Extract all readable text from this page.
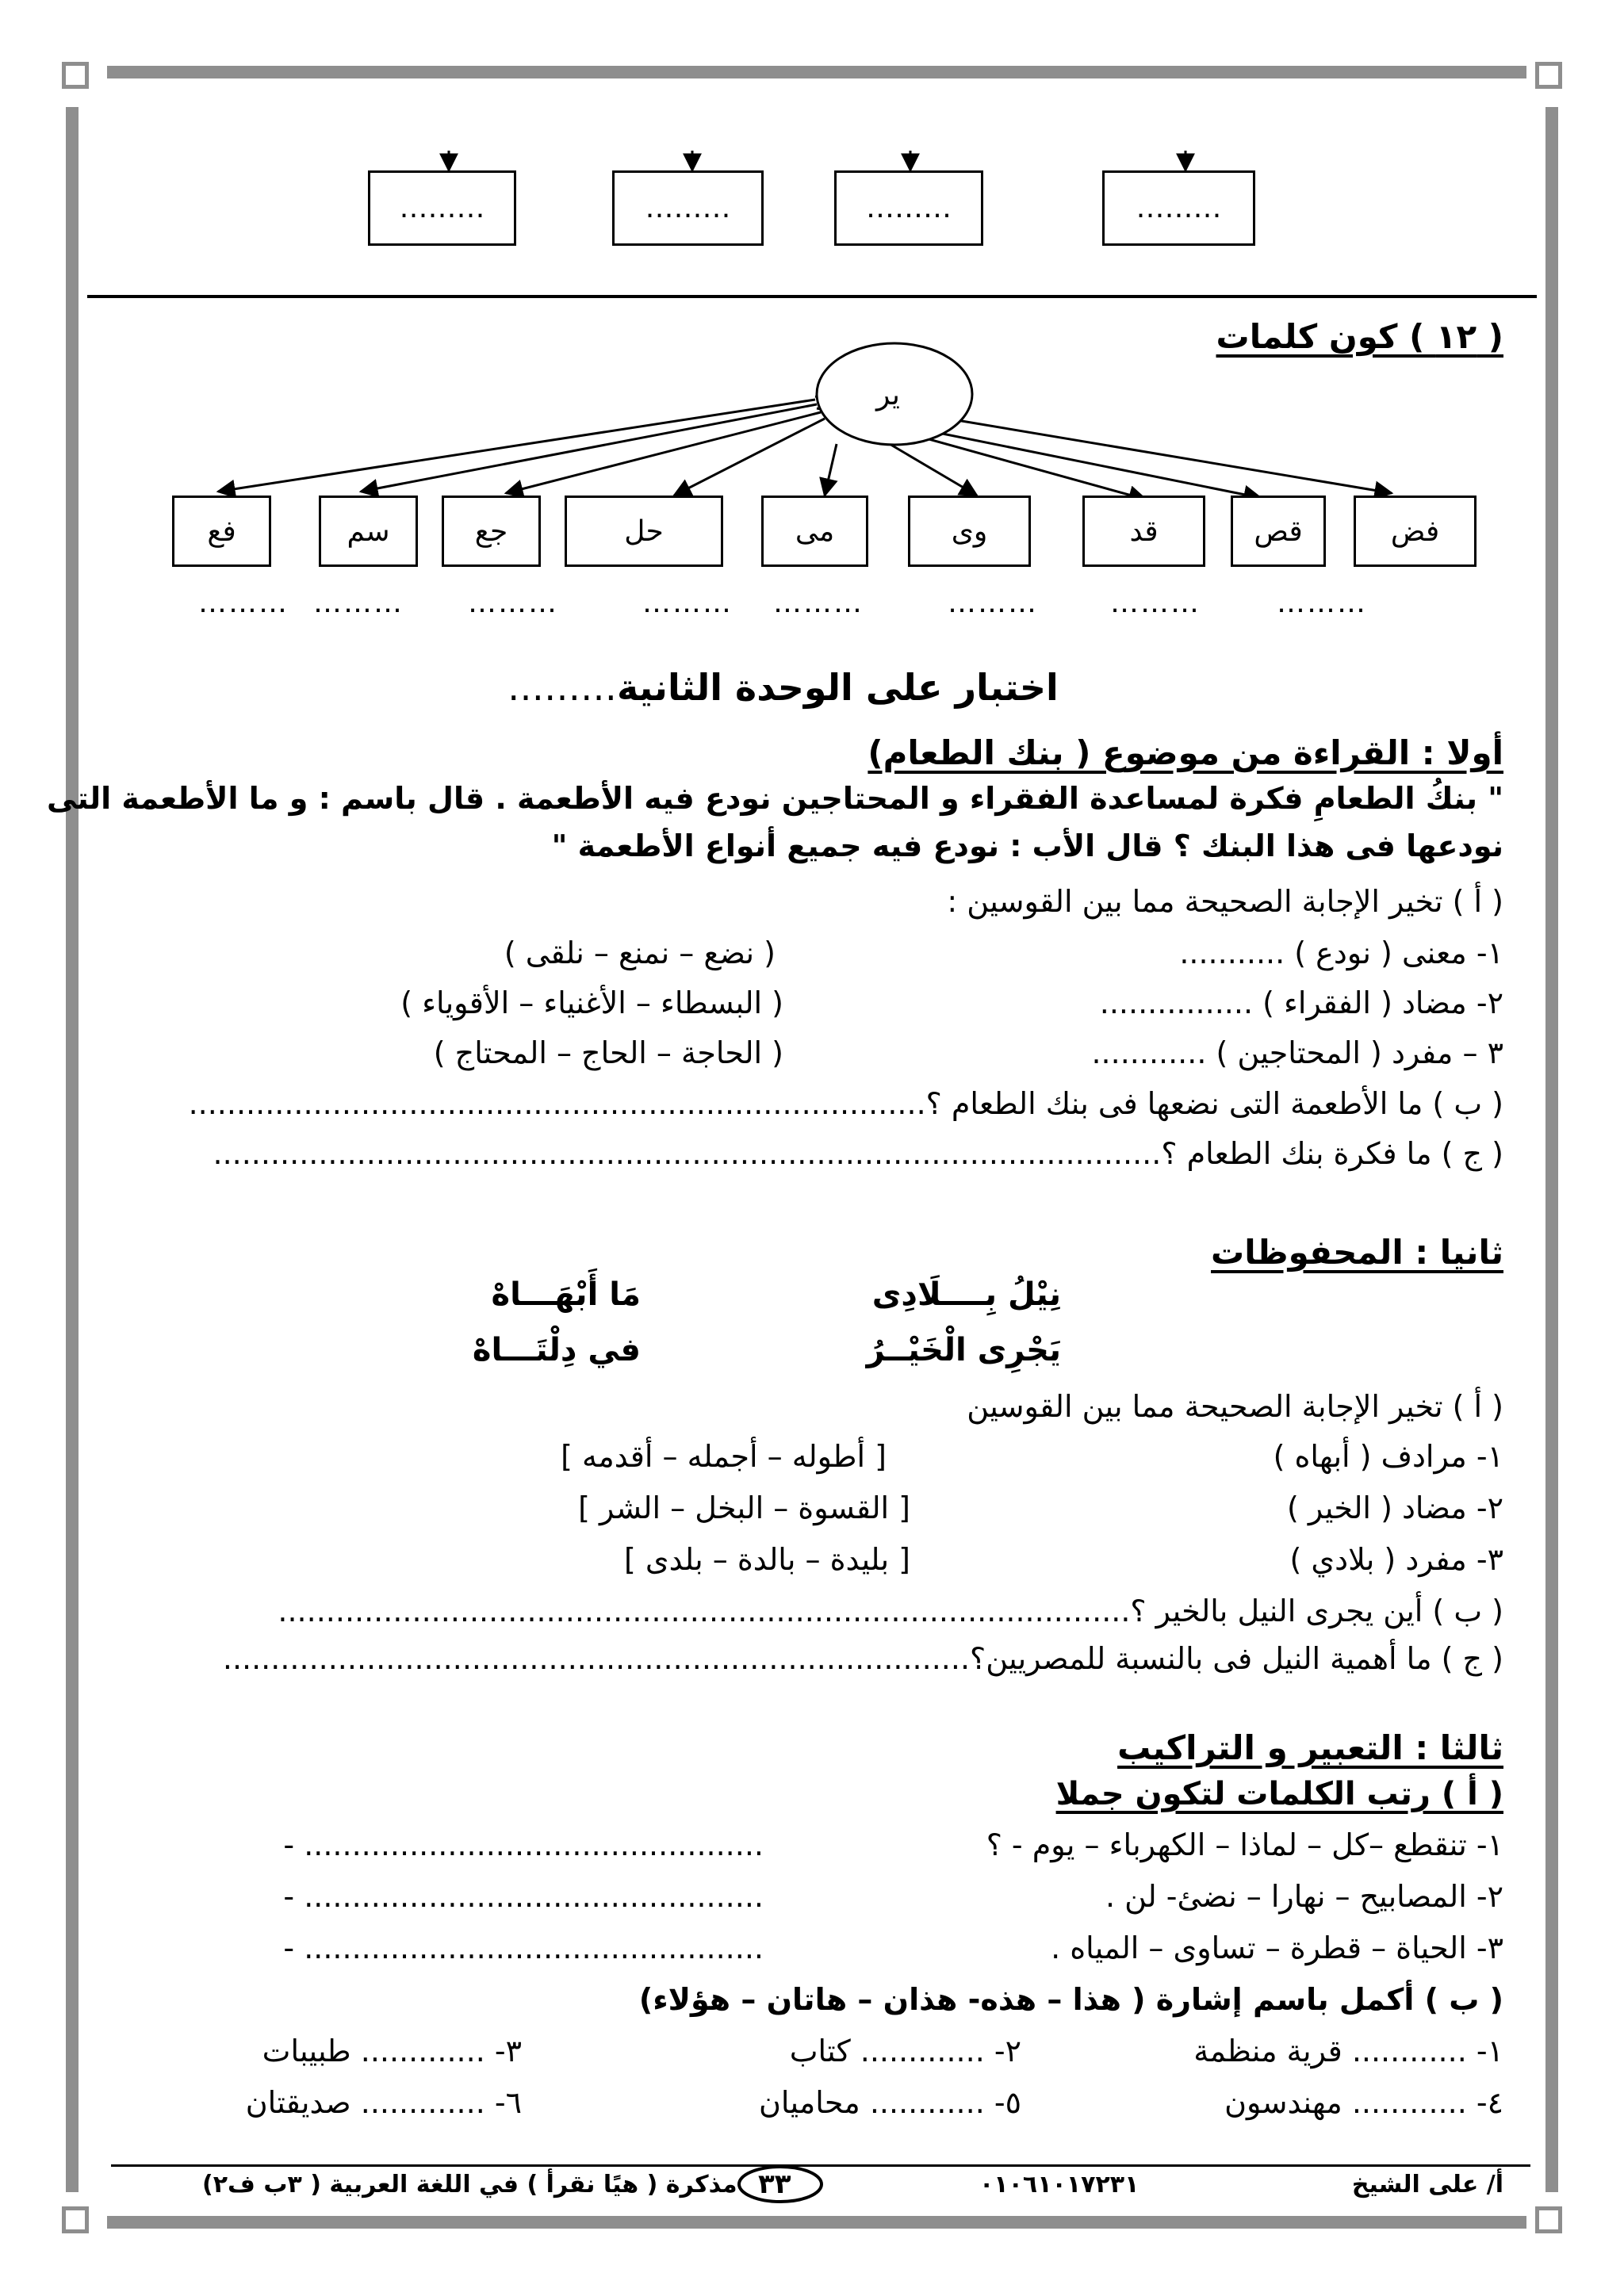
………
………
………
………
( ١٢ ) كون كلمات
ير
فض
قص
قد
وى
مى
حل
جع
سم
فع
………
………
………
………
………
………
………
………
اختبار على الوحدة الثانية………
أولا : القراءة من موضوع ( بنك الطعام)
" بنكُ الطعامِ فكرة لمساعدة الفقراء و المحتاجين نودع فيه الأطعمة . قال باسم : و ما الأطعمة التى
نودعها فى هذا البنك ؟ قال الأب : نودع فيه جميع أنواع الأطعمة "
( أ ) تخير الإجابة الصحيحة مما بين القوسين :
١- معنى ( نودع ) ...........
( نضع – نمنع – نلقى )
٢- مضاد ( الفقراء ) ................
( البسطاء – الأغنياء – الأقوياء )
٣ – مفرد ( المحتاجين ) ............
( الحاجة – الحاج – المحتاج )
( ب ) ما الأطعمة التى نضعها فى بنك الطعام ؟.............................................................................
( ج ) ما فكرة بنك الطعام ؟...................................................................................................
ثانيا : المحفوظات
نِيْلُ بِــــلَادِى
مَا أَبْهَـــاهْ
يَجْرِى الْخَيْــرُ
في دِلْتَـــاهْ
( أ ) تخير الإجابة الصحيحة مما بين القوسين
١- مرادف ( أبهاه )
[ أطوله – أجمله – أقدمه ]
٢- مضاد ( الخير )
[ القسوة – البخل – الشر ]
٣- مفرد ( بلادي )
[ بليدة – بالدة – بلدى ]
( ب ) أين يجرى النيل بالخير ؟.........................................................................................
( ج ) ما أهمية النيل فى بالنسبة للمصريين؟..............................................................................
ثالثا : التعبير و التراكيب
( أ ) رتب الكلمات لتكون جملا
١- تنقطع –كل – لماذا – الكهرباء – يوم - ؟
- ................................................
٢- المصابيح – نهارا – نضئ- لن .
- ................................................
٣- الحياة – قطرة – تساوى – المياه .
- ................................................
( ب ) أكمل باسم إشارة ( هذا – هذه- هذان – هاتان – هؤلاء)
١- ............ قرية منظمة
٢- ............. كتاب
٣- ............. طبيبات
٤- ............ مهندسون
٥- ............ محاميان
٦- ............. صديقتان
أ/ على الشيخ
٠١٠٦١٠١٧٢٣١
٣٣
مذكرة ( هيًا نقرأ ) في اللغة العربية ( ٣ب ف٢)
